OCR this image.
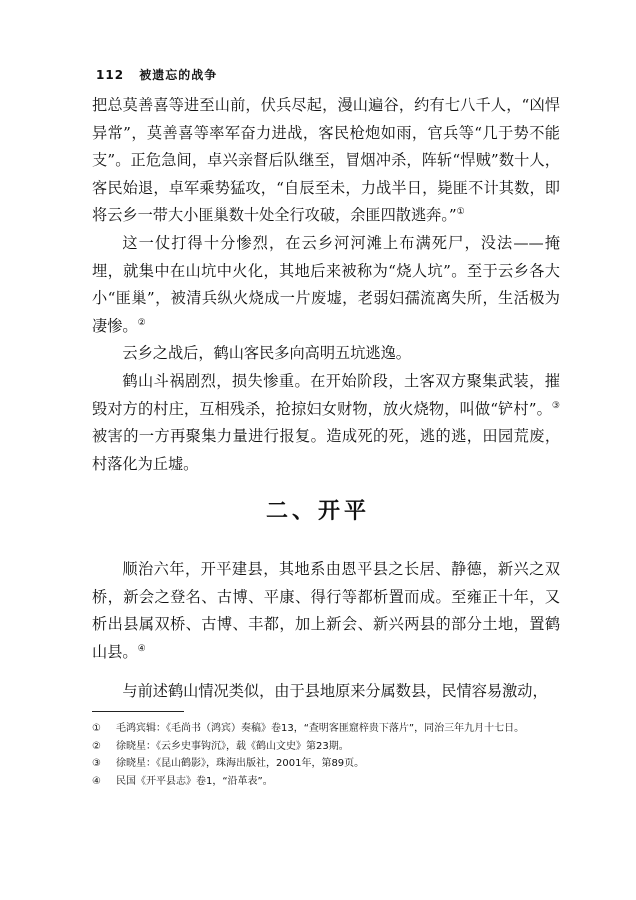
112 被遗忘的战争

把总莫善喜等进至山前，伏兵尽起，漫山遍谷，约有七八千人，“凶悍异常”，莫善喜等率军奋力进战，客民枪炮如雨，官兵等“几于势不能支”。正危急间，卓兴亲督后队继至，冒烟冲杀，阵斩“悍贼”数十人，客民始退，卓军乘势猛攻，“自辰至未，力战半日，毙匪不计其数，即将云乡一带大小匪巢数十处全行攻破，余匪四散逃奔。”①

这一仗打得十分惨烈，在云乡河河滩上布满死尸，没法——掩埋，就集中在山坑中火化，其地后来被称为“烧人坑”。至于云乡各大小“匪巢”，被清兵纵火烧成一片废墟，老弱妇孺流离失所，生活极为凄惨。②

云乡之战后，鹤山客民多向高明五坑逃逸。

鹤山斗祸剧烈，损失惨重。在开始阶段，土客双方聚集武装，摧毁对方的村庄，互相残杀，抢掠妇女财物，放火烧物，叫做“铲村”。③被害的一方再聚集力量进行报复。造成死的死，逃的逃，田园荒废，村落化为丘墟。

二、开平

顺治六年，开平建县，其地系由恩平县之长居、静德，新兴之双桥，新会之登名、古博、平康、得行等都析置而成。至雍正十年，又析出县属双桥、古博、丰都，加上新会、新兴两县的部分土地，置鹤山县。④

与前述鹤山情况类似，由于县地原来分属数县，民情容易激动，

①	毛鸿宾辑：《毛尚书（鸿宾）奏稿》卷13，“查明客匪窟梓贵下落片”，同治三年九月十七日。
②	徐晓星：《云乡史事钩沉》，载《鹤山文史》第23期。
③	徐晓星：《昆山鹤影》，珠海出版社，2001年，第89页。
④	民国《开平县志》卷1，“沿革表”。
